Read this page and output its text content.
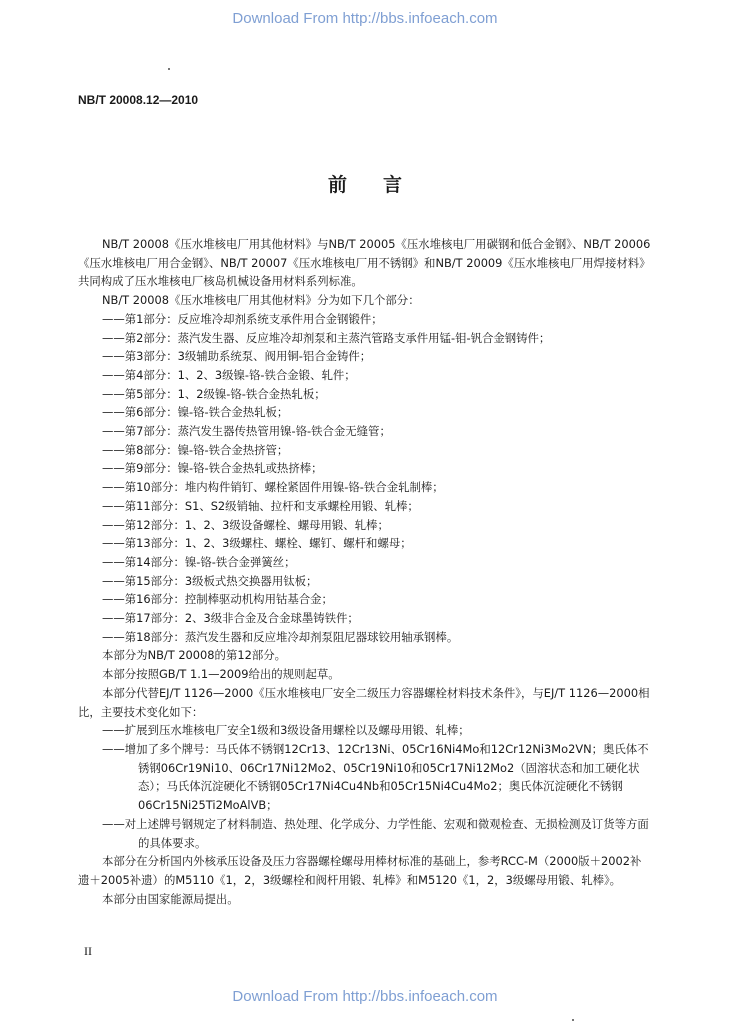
Download From http://bbs.infoeach.com
NB/T 20008.12—2010
前言

NB/T 20008《压水堆核电厂用其他材料》与NB/T 20005《压水堆核电厂用碳钢和低合金钢》、NB/T 20006《压水堆核电厂用合金钢》、NB/T 20007《压水堆核电厂用不锈钢》和NB/T 20009《压水堆核电厂用焊接材料》共同构成了压水堆核电厂核岛机械设备用材料系列标准。

NB/T 20008《压水堆核电厂用其他材料》分为如下几个部分：

——第1部分：反应堆冷却剂系统支承件用合金钢锻件；

——第2部分：蒸汽发生器、反应堆冷却剂泵和主蒸汽管路支承件用锰-钼-钒合金钢铸件；

——第3部分：3级辅助系统泵、阀用铜-铝合金铸件；

——第4部分：1、2、3级镍-铬-铁合金锻、轧件；

——第5部分：1、2级镍-铬-铁合金热轧板；

——第6部分：镍-铬-铁合金热轧板；

——第7部分：蒸汽发生器传热管用镍-铬-铁合金无缝管；

——第8部分：镍-铬-铁合金热挤管；

——第9部分：镍-铬-铁合金热轧或热挤棒；

——第10部分：堆内构件销钉、螺栓紧固件用镍-铬-铁合金轧制棒；

——第11部分：S1、S2级销轴、拉杆和支承螺栓用锻、轧棒；

——第12部分：1、2、3级设备螺栓、螺母用锻、轧棒；

——第13部分：1、2、3级螺柱、螺栓、螺钉、螺杆和螺母；

——第14部分：镍-铬-铁合金弹簧丝；

——第15部分：3级板式热交换器用钛板；

——第16部分：控制棒驱动机构用钴基合金；

——第17部分：2、3级非合金及合金球墨铸铁件；

——第18部分：蒸汽发生器和反应堆冷却剂泵阻尼器球铰用轴承钢棒。

本部分为NB/T 20008的第12部分。

本部分按照GB/T 1.1—2009给出的规则起草。

本部分代替EJ/T 1126—2000《压水堆核电厂安全二级压力容器螺栓材料技术条件》，与EJ/T 1126—2000相比，主要技术变化如下：

——扩展到压水堆核电厂安全1级和3级设备用螺栓以及螺母用锻、轧棒；

——增加了多个牌号：马氏体不锈钢12Cr13、12Cr13Ni、05Cr16Ni4Mo和12Cr12Ni3Mo2VN；奥氏体不锈钢06Cr19Ni10、06Cr17Ni12Mo2、05Cr19Ni10和05Cr17Ni12Mo2（固溶状态和加工硬化状态）；马氏体沉淀硬化不锈钢05Cr17Ni4Cu4Nb和05Cr15Ni4Cu4Mo2；奥氏体沉淀硬化不锈钢06Cr15Ni25Ti2MoAlVB；

——对上述牌号钢规定了材料制造、热处理、化学成分、力学性能、宏观和微观检查、无损检测及订货等方面的具体要求。

本部分在分析国内外核承压设备及压力容器螺栓螺母用棒材标准的基础上，参考RCC-M（2000版＋2002补遗＋2005补遗）的M5110《1，2，3级螺栓和阀杆用锻、轧棒》和M5120《1，2，3级螺母用锻、轧棒》。

本部分由国家能源局提出。

II
Download From http://bbs.infoeach.com
